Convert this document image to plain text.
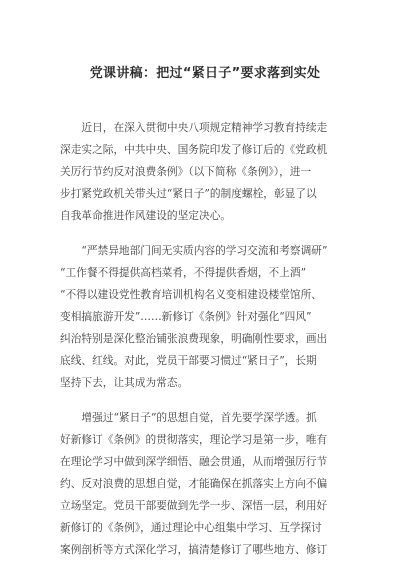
党课讲稿：把过“紧日子”要求落到实处
　　近日，在深入贯彻中央八项规定精神学习教育持续走
深走实之际，中共中央、国务院印发了修订后的《党政机
关厉行节约反对浪费条例》（以下简称《条例》），进一
步打紧党政机关带头过“紧日子”的制度螺栓，彰显了以
自我革命推进作风建设的坚定决心。
　　“严禁异地部门间无实质内容的学习交流和考察调研”
“工作餐不得提供高档菜肴，不得提供香烟，不上酒”
“不得以建设党性教育培训机构名义变相建设楼堂馆所、
变相搞旅游开发”……新修订《条例》针对强化“四风”
纠治特别是深化整治铺张浪费现象，明确刚性要求，画出
底线、红线。对此，党员干部要习惯过“紧日子”，长期
坚持下去，让其成为常态。
　　增强过“紧日子”的思想自觉，首先要学深学透。抓
好新修订《条例》的贯彻落实，理论学习是第一步，唯有
在理论学习中做到深学细悟、融会贯通，从而增强厉行节
约、反对浪费的思想自觉，才能确保在抓落实上方向不偏
立场坚定。党员干部要做到先学一步、深悟一层，利用好
新修订的《条例》，通过理论中心组集中学习、互学探讨
案例剖析等方式深化学习，搞清楚修订了哪些地方、修订
